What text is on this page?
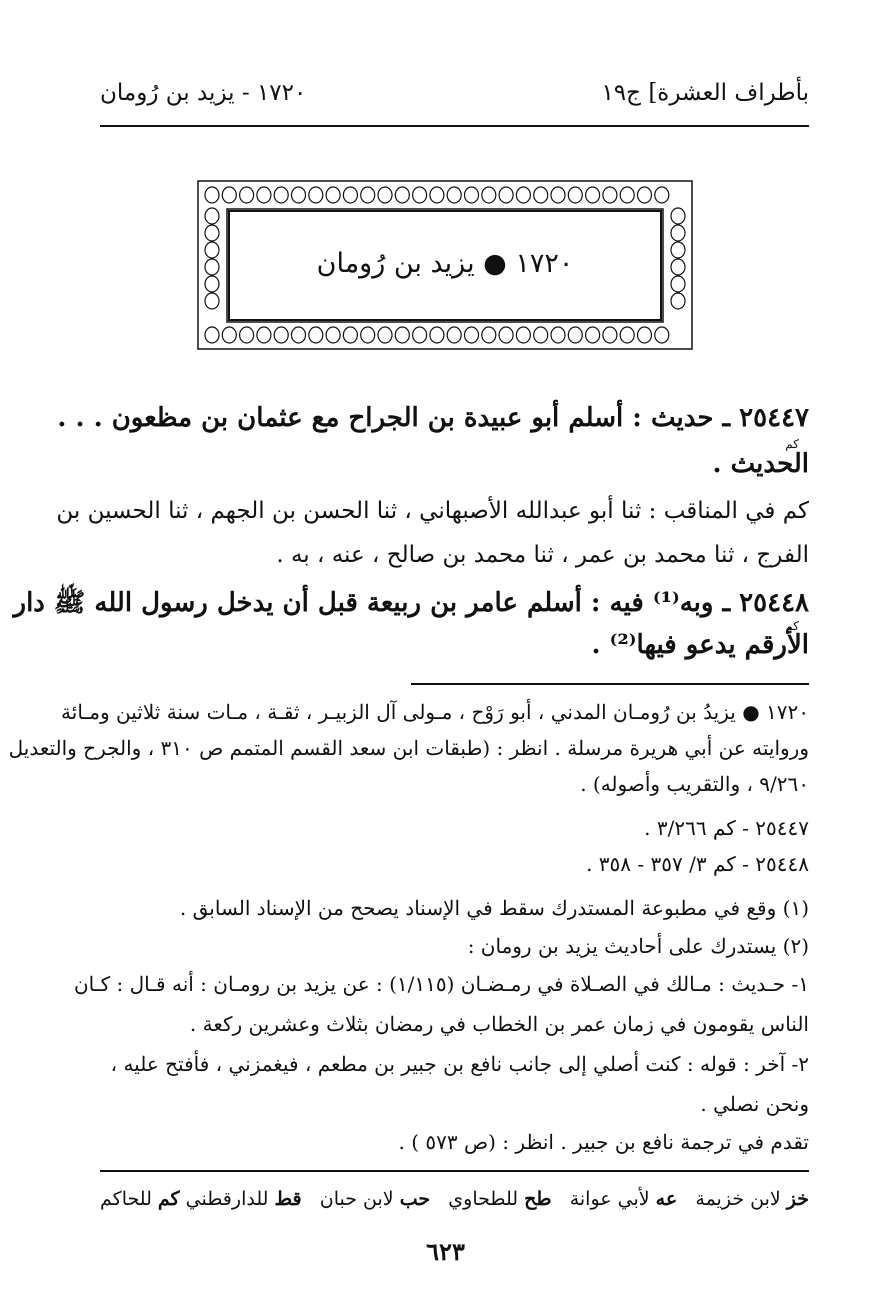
بأطراف العشرة] ج١٩
١٧٢٠ - يزيد بن رُومان
١٧٢٠ ● يزيد بن رُومان
٢٥٤٤٧ ـ حديث : أسلم أبو عبيدة بن الجراح مع عثمان بن مظعون . . .
كم
الحديث .
كم في المناقب : ثنا أبو عبدالله الأصبهاني ، ثنا الحسن بن الجهم ، ثنا الحسين بن
الفرج ، ثنا محمد بن عمر ، ثنا محمد بن صالح ، عنه ، به .
٢٥٤٤٨ ـ وبه⁽¹⁾ فيه : أسلم عامر بن ربيعة قبل أن يدخل رسول الله ﷺ دار
كم
الأرقم يدعو فيها⁽²⁾ .
١٧٢٠ ● يزيدُ بن رُومـان المدني ، أبو رَوْح ، مـولى آل الزبيـر ، ثقـة ، مـات سنة ثلاثين ومـائة
وروايته عن أبي هريرة مرسلة . انظر : (طبقات ابن سعد القسم المتمم ص ٣١٠ ، والجرح والتعديل
٩/٢٦٠ ، والتقريب وأصوله) .
٢٥٤٤٧ - كم ٣/٢٦٦ .
٢٥٤٤٨ - كم ٣/ ٣٥٧ - ٣٥٨ .
(١) وقع في مطبوعة المستدرك سقط في الإسناد يصحح من الإسناد السابق .
(٢) يستدرك على أحاديث يزيد بن رومان :
١- حـديث : مـالك في الصـلاة في رمـضـان (١/١١٥) : عن يزيد بن رومـان : أنه قـال : كـان
الناس يقومون في زمان عمر بن الخطاب في رمضان بثلاث وعشرين ركعة .
٢- آخر : قوله : كنت أصلي إلى جانب نافع بن جبير بن مطعم ، فيغمزني ، فأفتح عليه ،
ونحن نصلي .
تقدم في ترجمة نافع بن جبير . انظر : (ص ٥٧٣ ) .
خز لابن خزيمة
عه لأبي عوانة
طح للطحاوي
حب لابن حبان
قط للدارقطني كم للحاكم
٦٢٣
